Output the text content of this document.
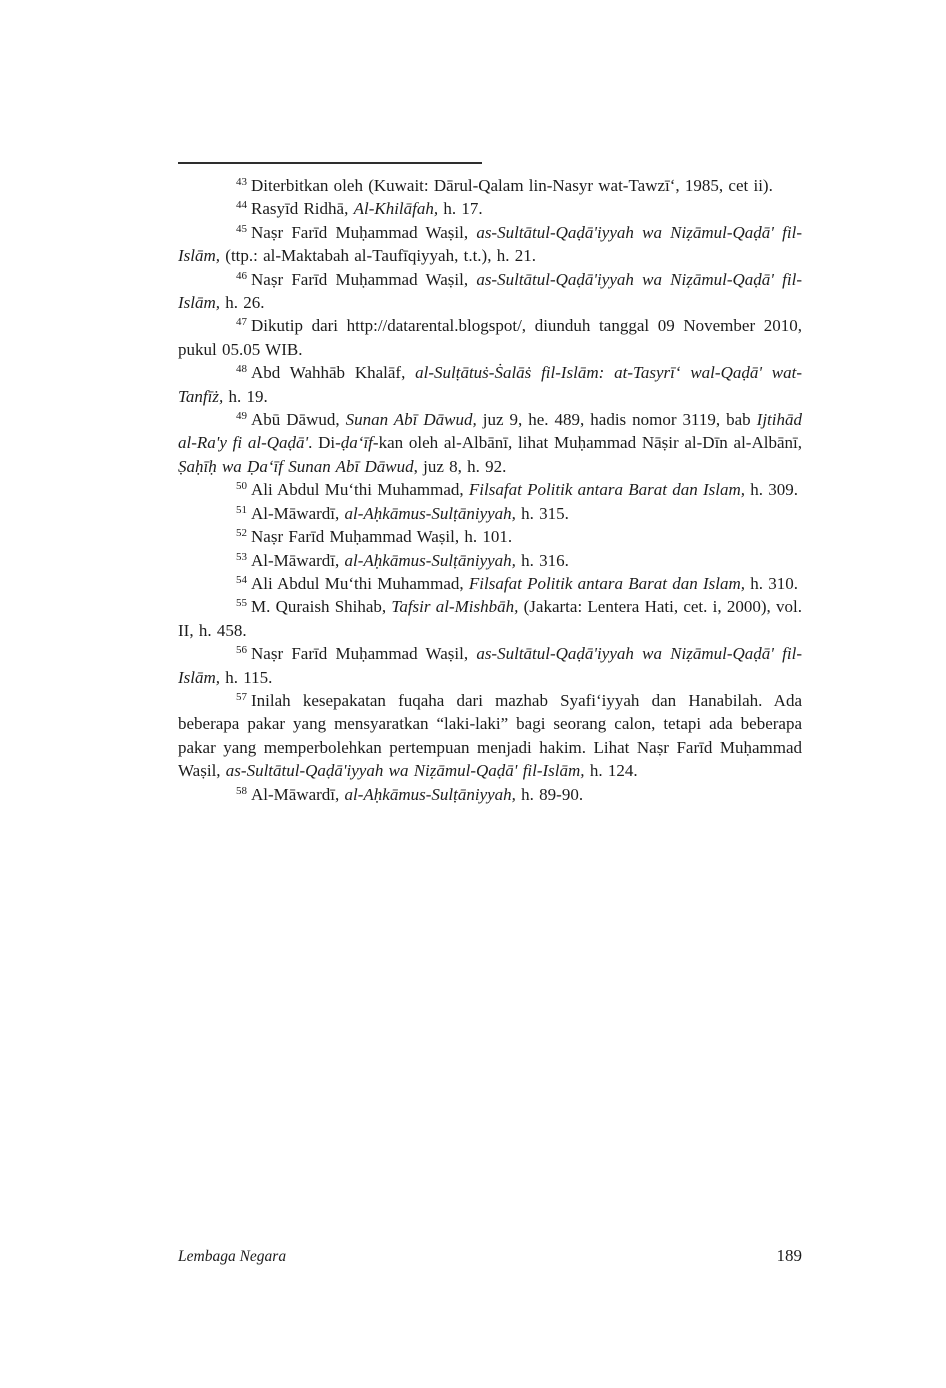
$^{43}$ Diterbitkan oleh (Kuwait: Dārul-Qalam lin-Nasyr wat-Tawzīʻ, 1985, cet ii).

$^{44}$ Rasyīd Ridhā, Al-Khilāfah, h. 17.

$^{45}$ Naṣr Farīd Muḥammad Waṣil, as-Sultātul-Qaḍā'iyyah wa Niẓāmul-Qaḍā' fil-Islām, (ttp.: al-Maktabah al-Taufīqiyyah, t.t.), h. 21.

$^{46}$ Naṣr Farīd Muḥammad Waṣil, as-Sultātul-Qaḍā'iyyah wa Niẓāmul-Qaḍā' fil-Islām, h. 26.

$^{47}$ Dikutip dari http://datarental.blogspot/, diunduh tanggal 09 November 2010, pukul 05.05 WIB.

$^{48}$ Abd Wahhāb Khalāf, al-Sulṭātuṡ-Ṡalāṡ fil-Islām: at-Tasyrīʻ wal-Qaḍā' wat-Tanfīż, h. 19.

$^{49}$ Abū Dāwud, Sunan Abī Dāwud, juz 9, he. 489, hadis nomor 3119, bab Ijtihād al-Ra'y fi al-Qaḍā'. Di-ḍaʻīf-kan oleh al-Albānī, lihat Muḥammad Nāṣir al-Dīn al-Albānī, Ṣaḥīḥ wa Ḍaʻīf Sunan Abī Dāwud, juz 8, h. 92.

$^{50}$ Ali Abdul Muʻthi Muhammad, Filsafat Politik antara Barat dan Islam, h. 309.

$^{51}$ Al-Māwardī, al-Aḥkāmus-Sulṭāniyyah, h. 315.

$^{52}$ Naṣr Farīd Muḥammad Waṣil, h. 101.

$^{53}$ Al-Māwardī, al-Aḥkāmus-Sulṭāniyyah, h. 316.

$^{54}$ Ali Abdul Muʻthi Muhammad, Filsafat Politik antara Barat dan Islam, h. 310.

$^{55}$ M. Quraish Shihab, Tafsir al-Mishbāh, (Jakarta: Lentera Hati, cet. i, 2000), vol. II, h. 458.

$^{56}$ Naṣr Farīd Muḥammad Waṣil, as-Sultātul-Qaḍā'iyyah wa Niẓāmul-Qaḍā' fil-Islām, h. 115.

$^{57}$ Inilah kesepakatan fuqaha dari mazhab Syafiʻiyyah dan Hanabilah. Ada beberapa pakar yang mensyaratkan “laki-laki” bagi seorang calon, tetapi ada beberapa pakar yang memperbolehkan pertempuan menjadi hakim. Lihat Naṣr Farīd Muḥammad Waṣil, as-Sultātul-Qaḍā'iyyah wa Niẓāmul-Qaḍā' fil-Islām, h. 124.

$^{58}$ Al-Māwardī, al-Aḥkāmus-Sulṭāniyyah, h. 89-90.

Lembaga Negara	189
